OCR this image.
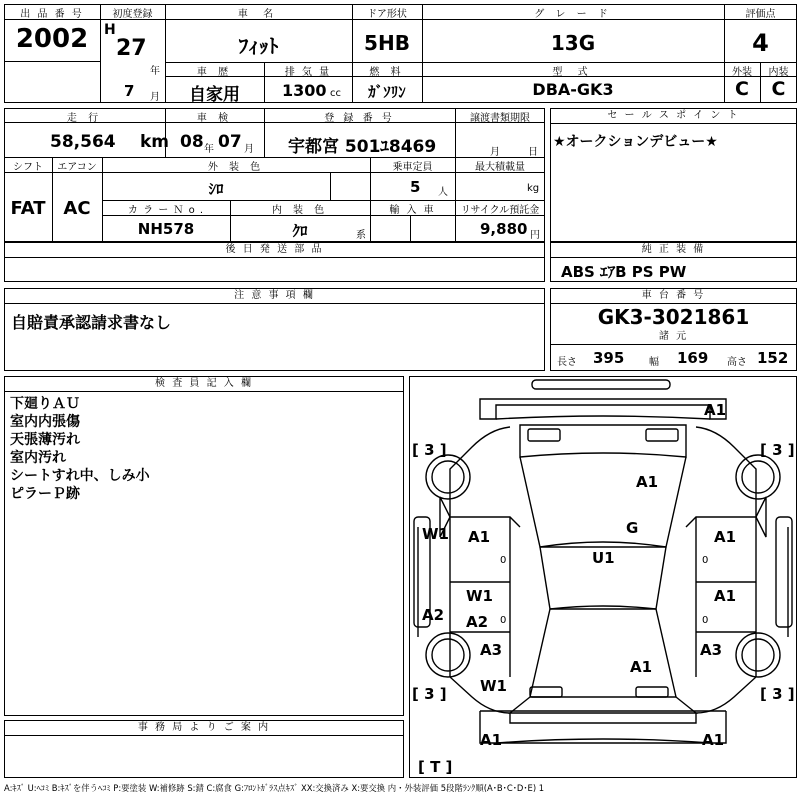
出 品 番 号
2002
初度登録
H
27
年
7 月
車 名
ﾌｨｯﾄ
ドア形状
5HB
グ レ ー ド
13G
評価点
4
車 歴
自家用
排 気 量
1300 cc
燃 料
ｶﾞｿﾘﾝ
型 式
DBA-GK3
外装
C
内装
C
走 行
58,564 km
車 検
08 年 07 月
登 録 番 号
宇都宮 501ﾕ8469
譲渡書類期限
月	日
シフト
FAT
エアコン
AC
外 装 色
ｼﾛ
乗車定員
5 人
最大積載量
kg
カ ラ ー Ｎ o .
NH578
内 装 色
ｸﾛ	系
輸 入 車	リサイクル預託金
9,880 円
セ ー ル ス ポ イ ン ト
★オークションデビュー★
後 日 発 送 部 品	純 正 装 備
ABS ｴｱB PS PW
注 意 事 項 欄
自賠責承認請求書なし
車 台 番 号
GK3-3021861
諸 元
長さ 395 幅 169 高さ 152
検 査 員 記 入 欄
下廻りＡＵ
室内内張傷
天張薄汚れ
室内汚れ
シートすれ中、しみ小
ピラーＰ跡
事 務 局 よ り ご 案 内
[ 3 ]	[ 3 ]
[ 3 ]	[ 3 ]
[ T ]
A1
A1
G
U1
W1 A1	A1
W1
A2
A2
A1
A3	A3
W1
A1
A1	A1
0
0
0
0
A:ｷｽﾞ U:ﾍｺﾐ B:ｷｽﾞを伴うﾍｺﾐ P:要塗装 W:補修跡 S:錆 C:腐食 G:ﾌﾛﾝﾄｶﾞﾗｽ点ｷｽﾞ XX:交換済み X:要交換 内・外装評価 5段階ﾗﾝｸ順(A･B･C･D･E) 1
